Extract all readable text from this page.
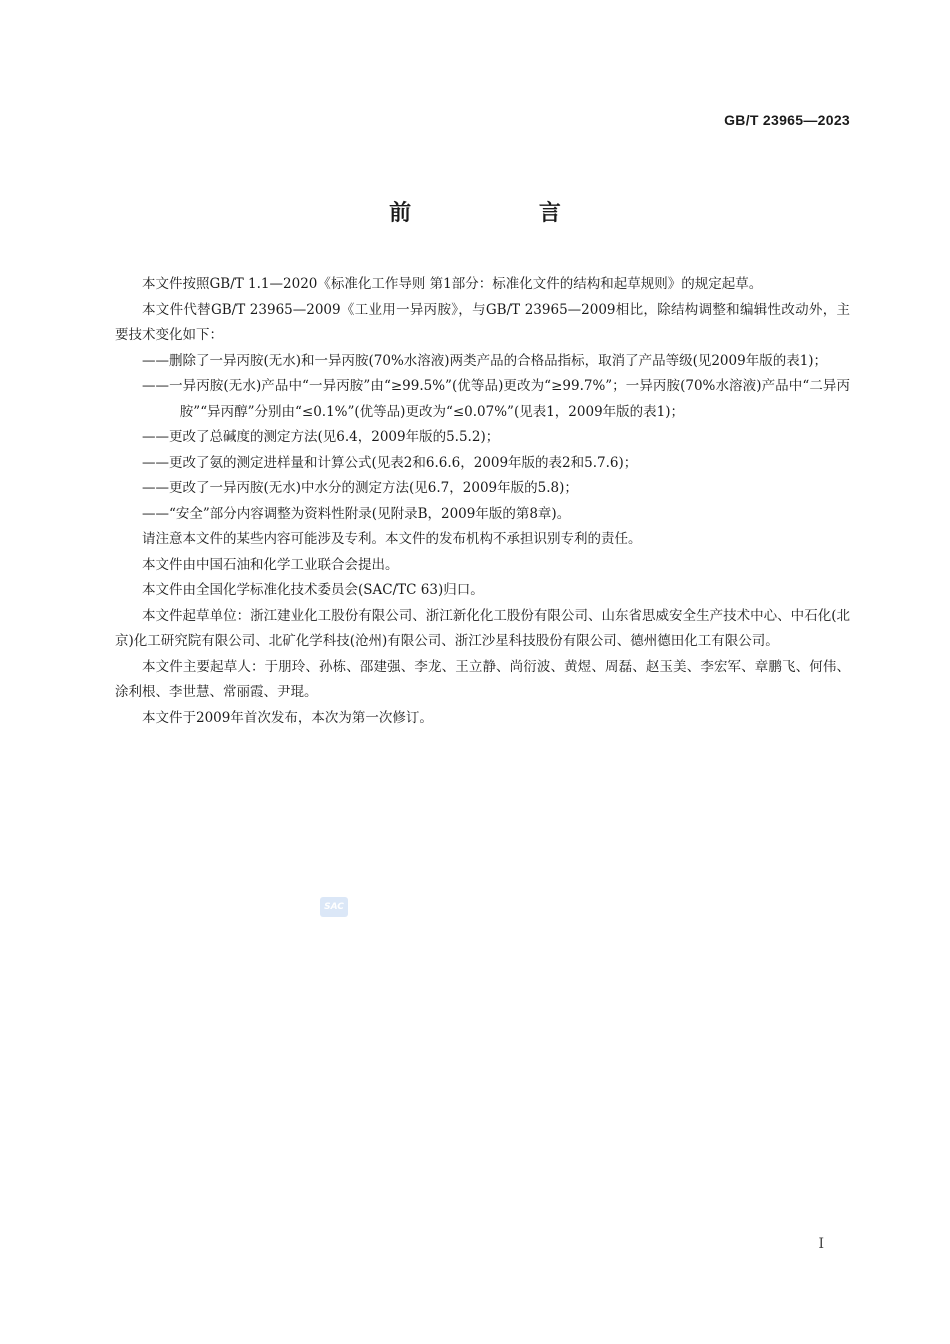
GB/T 23965—2023
前 言

本文件按照GB/T 1.1—2020《标准化工作导则 第1部分：标准化文件的结构和起草规则》的规定起草。

本文件代替GB/T 23965—2009《工业用一异丙胺》，与GB/T 23965—2009相比，除结构调整和编辑性改动外，主要技术变化如下：

——删除了一异丙胺(无水)和一异丙胺(70%水溶液)两类产品的合格品指标，取消了产品等级(见2009年版的表1)；

——一异丙胺(无水)产品中“一异丙胺”由“≥99.5%”(优等品)更改为“≥99.7%”；一异丙胺(70%水溶液)产品中“二异丙胺”“异丙醇”分别由“≤0.1%”(优等品)更改为“≤0.07%”(见表1，2009年版的表1)；

——更改了总碱度的测定方法(见6.4，2009年版的5.5.2)；

——更改了氨的测定进样量和计算公式(见表2和6.6.6，2009年版的表2和5.7.6)；

——更改了一异丙胺(无水)中水分的测定方法(见6.7，2009年版的5.8)；

——“安全”部分内容调整为资料性附录(见附录B，2009年版的第8章)。

请注意本文件的某些内容可能涉及专利。本文件的发布机构不承担识别专利的责任。

本文件由中国石油和化学工业联合会提出。

本文件由全国化学标准化技术委员会(SAC/TC 63)归口。

本文件起草单位：浙江建业化工股份有限公司、浙江新化化工股份有限公司、山东省思威安全生产技术中心、中石化(北京)化工研究院有限公司、北矿化学科技(沧州)有限公司、浙江沙星科技股份有限公司、德州德田化工有限公司。

本文件主要起草人：于朋玲、孙栋、邵建强、李龙、王立静、尚衍波、黄煜、周磊、赵玉美、李宏军、章鹏飞、何伟、涂利根、李世慧、常丽霞、尹琨。

本文件于2009年首次发布，本次为第一次修订。

SAC
I
